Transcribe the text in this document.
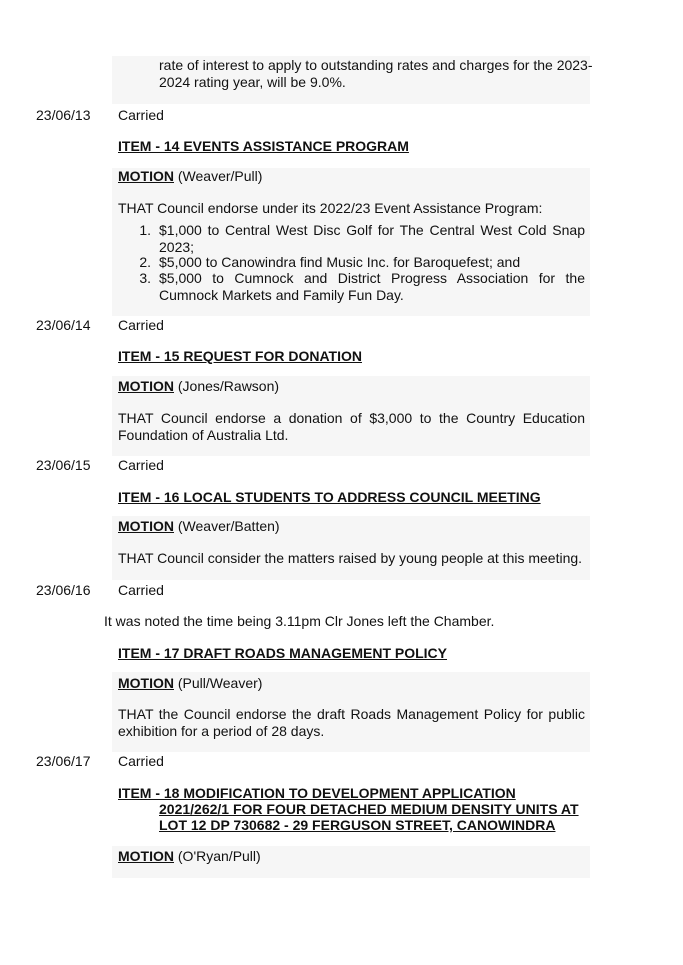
rate of interest to apply to outstanding rates and charges for the 2023-
2024 rating year, will be 9.0%.
23/06/13 Carried
ITEM - 14 EVENTS ASSISTANCE PROGRAM
MOTION (Weaver/Pull)
THAT Council endorse under its 2022/23 Event Assistance Program:
1. $1,000 to Central West Disc Golf for The Central West Cold Snap 2023;
2. $5,000 to Canowindra find Music Inc. for Baroquefest; and
3. $5,000 to Cumnock and District Progress Association for the Cumnock Markets and Family Fun Day.
23/06/14 Carried
ITEM - 15 REQUEST FOR DONATION
MOTION (Jones/Rawson)
THAT Council endorse a donation of $3,000 to the Country Education Foundation of Australia Ltd.
23/06/15 Carried
ITEM - 16 LOCAL STUDENTS TO ADDRESS COUNCIL MEETING
MOTION (Weaver/Batten)
THAT Council consider the matters raised by young people at this meeting.
23/06/16 Carried
It was noted the time being 3.11pm Clr Jones left the Chamber.
ITEM - 17 DRAFT ROADS MANAGEMENT POLICY
MOTION (Pull/Weaver)
THAT the Council endorse the draft Roads Management Policy for public exhibition for a period of 28 days.
23/06/17 Carried
ITEM - 18 MODIFICATION TO DEVELOPMENT APPLICATION
2021/262/1 FOR FOUR DETACHED MEDIUM DENSITY UNITS AT
LOT 12 DP 730682 - 29 FERGUSON STREET, CANOWINDRA
MOTION (O'Ryan/Pull)
